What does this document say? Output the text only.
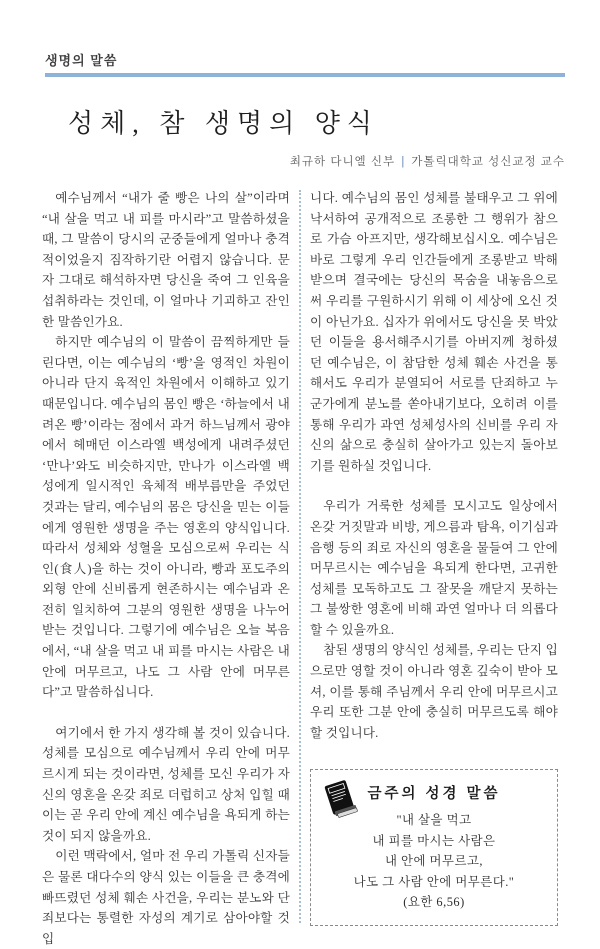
생명의 말씀
성체, 참 생명의 양식
최규하 다니엘 신부 | 가톨릭대학교 성신교정 교수

예수님께서 “내가 줄 빵은 나의 살”이라며 “내 살을 먹고 내 피를 마시라”고 말씀하셨을 때, 그 말씀이 당시의 군중들에게 얼마나 충격적이었을지 짐작하기란 어렵지 않습니다. 문자 그대로 해석하자면 당신을 죽여 그 인육을 섭취하라는 것인데, 이 얼마나 기괴하고 잔인한 말씀인가요.

하지만 예수님의 이 말씀이 끔찍하게만 들린다면, 이는 예수님의 ‘빵’을 영적인 차원이 아니라 단지 육적인 차원에서 이해하고 있기 때문입니다. 예수님의 몸인 빵은 ‘하늘에서 내려온 빵’이라는 점에서 과거 하느님께서 광야에서 헤매던 이스라엘 백성에게 내려주셨던 ‘만나’와도 비슷하지만, 만나가 이스라엘 백성에게 일시적인 육체적 배부름만을 주었던 것과는 달리, 예수님의 몸은 당신을 믿는 이들에게 영원한 생명을 주는 영혼의 양식입니다. 따라서 성체와 성혈을 모심으로써 우리는 식인(食人)을 하는 것이 아니라, 빵과 포도주의 외형 안에 신비롭게 현존하시는 예수님과 온전히 일치하여 그분의 영원한 생명을 나누어 받는 것입니다. 그렇기에 예수님은 오늘 복음에서, “내 살을 먹고 내 피를 마시는 사람은 내 안에 머무르고, 나도 그 사람 안에 머무른다”고 말씀하십니다.

여기에서 한 가지 생각해 볼 것이 있습니다. 성체를 모심으로 예수님께서 우리 안에 머무르시게 되는 것이라면, 성체를 모신 우리가 자신의 영혼을 온갖 죄로 더럽히고 상처 입힐 때 이는 곧 우리 안에 계신 예수님을 욕되게 하는 것이 되지 않을까요.

이런 맥락에서, 얼마 전 우리 가톨릭 신자들은 물론 대다수의 양식 있는 이들을 큰 충격에 빠뜨렸던 성체 훼손 사건을, 우리는 분노와 단죄보다는 통렬한 자성의 계기로 삼아야할 것입

니다. 예수님의 몸인 성체를 불태우고 그 위에 낙서하여 공개적으로 조롱한 그 행위가 참으로 가슴 아프지만, 생각해보십시오. 예수님은 바로 그렇게 우리 인간들에게 조롱받고 박해받으며 결국에는 당신의 목숨을 내놓음으로써 우리를 구원하시기 위해 이 세상에 오신 것이 아닌가요. 십자가 위에서도 당신을 못 박았던 이들을 용서해주시기를 아버지께 청하셨던 예수님은, 이 참담한 성체 훼손 사건을 통해서도 우리가 분열되어 서로를 단죄하고 누군가에게 분노를 쏟아내기보다, 오히려 이를 통해 우리가 과연 성체성사의 신비를 우리 자신의 삶으로 충실히 살아가고 있는지 돌아보기를 원하실 것입니다.

우리가 거룩한 성체를 모시고도 일상에서 온갖 거짓말과 비방, 게으름과 탐욕, 이기심과 음행 등의 죄로 자신의 영혼을 물들여 그 안에 머무르시는 예수님을 욕되게 한다면, 고귀한 성체를 모독하고도 그 잘못을 깨닫지 못하는 그 불쌍한 영혼에 비해 과연 얼마나 더 의롭다 할 수 있을까요.

참된 생명의 양식인 성체를, 우리는 단지 입으로만 영할 것이 아니라 영혼 깊숙이 받아 모셔, 이를 통해 주님께서 우리 안에 머무르시고 우리 또한 그분 안에 충실히 머무르도록 해야 할 것입니다.

금주의 성경 말씀
"내 살을 먹고
내 피를 마시는 사람은
내 안에 머무르고,
나도 그 사람 안에 머무른다."
(요한 6,56)
